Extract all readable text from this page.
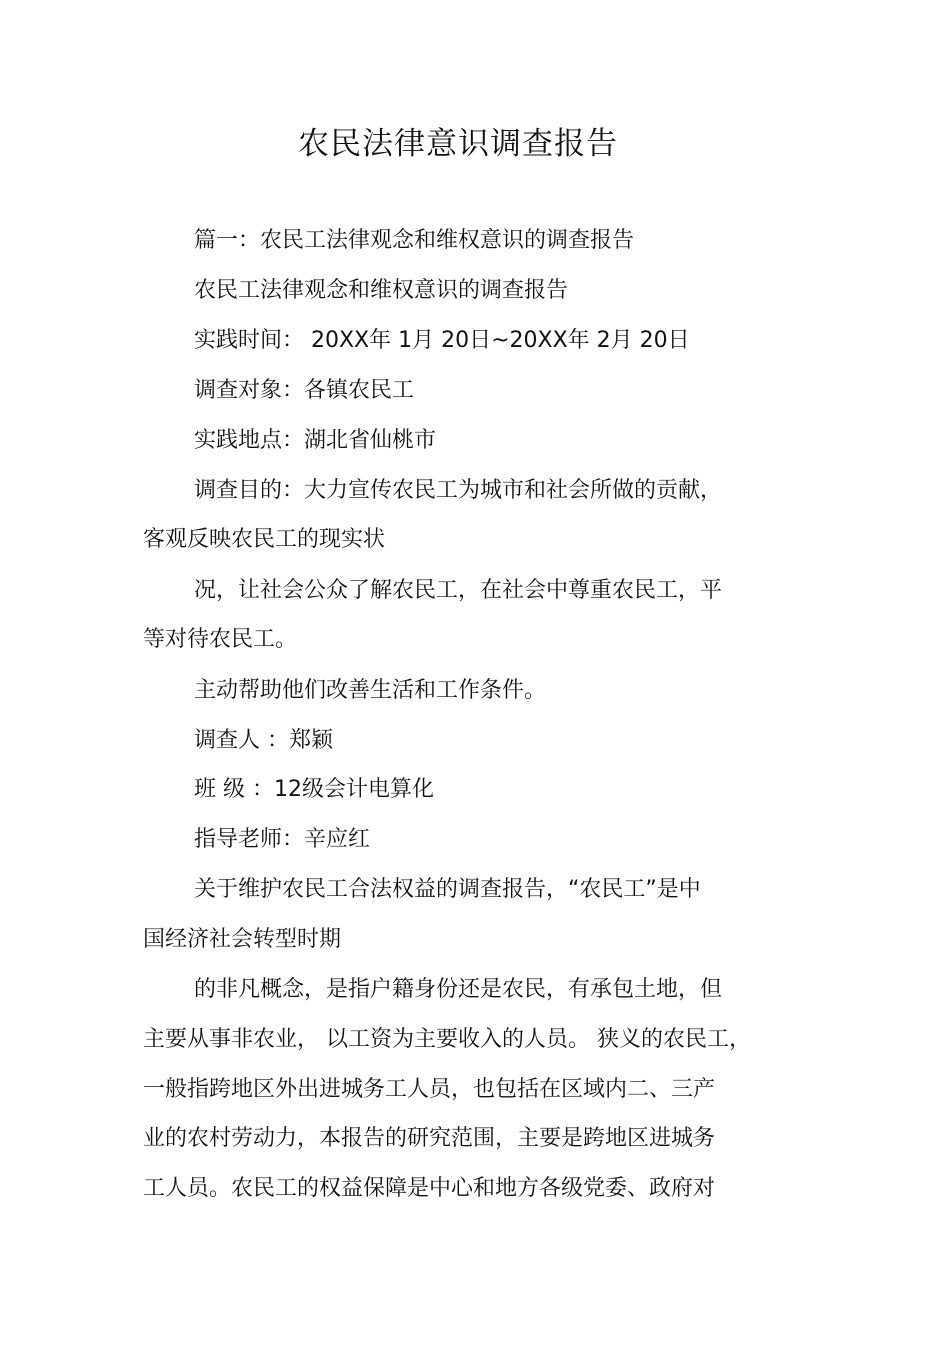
农民法律意识调查报告
篇一：农民工法律观念和维权意识的调查报告
农民工法律观念和维权意识的调查报告
实践时间： 20XX年 1月 20日~20XX年 2月 20日
调查对象：各镇农民工
实践地点：湖北省仙桃市
调查目的：大力宣传农民工为城市和社会所做的贡献，
客观反映农民工的现实状
况，让社会公众了解农民工，在社会中尊重农民工，平
等对待农民工。
主动帮助他们改善生活和工作条件。
调查人 ：郑颖
班 级 ：12级会计电算化
指导老师：辛应红
关于维护农民工合法权益的调查报告，“农民工”是中
国经济社会转型时期
的非凡概念，是指户籍身份还是农民，有承包土地，但
主要从事非农业， 以工资为主要收入的人员。 狭义的农民工，
一般指跨地区外出进城务工人员，也包括在区域内二、三产
业的农村劳动力，本报告的研究范围，主要是跨地区进城务
工人员。农民工的权益保障是中心和地方各级党委、政府对
